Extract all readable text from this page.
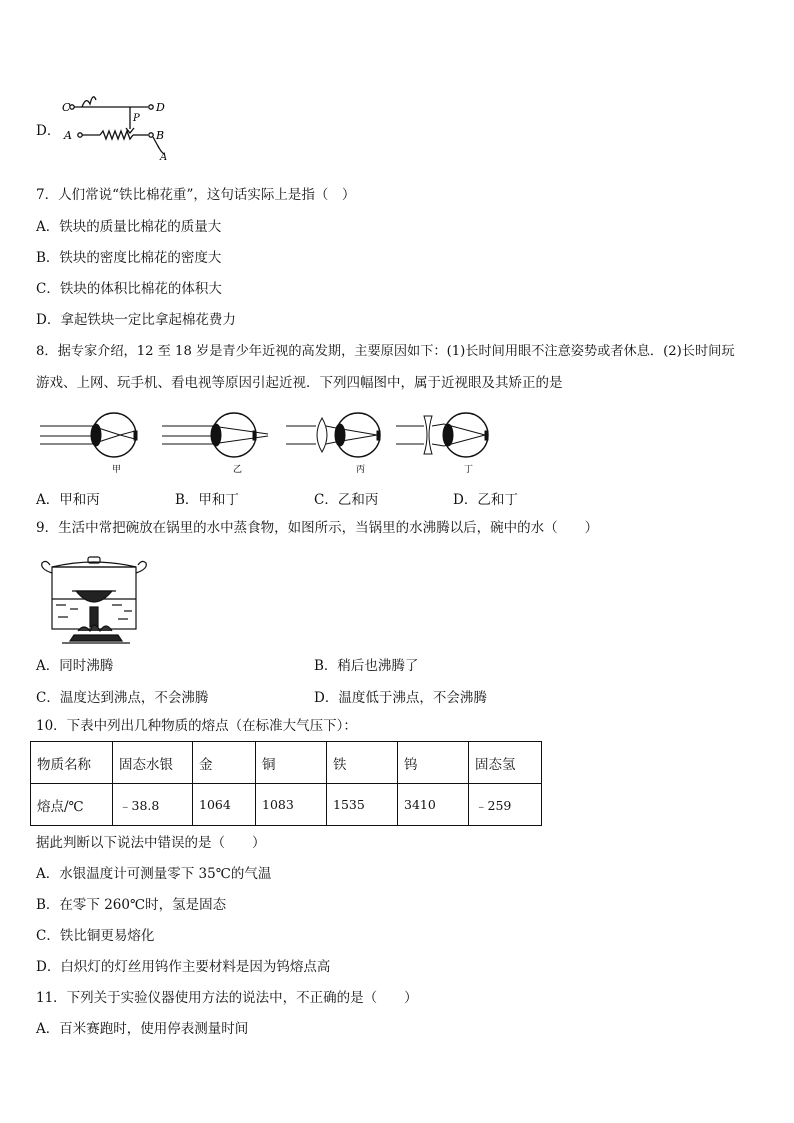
D．
C	D
A	B
P
A
7．人们常说“铁比棉花重”，这句话实际上是指（　）
A．铁块的质量比棉花的质量大
B．铁块的密度比棉花的密度大
C．铁块的体积比棉花的体积大
D．拿起铁块一定比拿起棉花费力
8．据专家介绍，12 至 18 岁是青少年近视的高发期，主要原因如下：(1)长时间用眼不注意姿势或者休息．(2)长时间玩
游戏、上网、玩手机、看电视等原因引起近视．下列四幅图中，属于近视眼及其矫正的是
甲	乙	丙	丁
A．甲和丙	B．甲和丁	C．乙和丙	D．乙和丁
9．生活中常把碗放在锅里的水中蒸食物，如图所示，当锅里的水沸腾以后，碗中的水（　　）
A．同时沸腾	B．稍后也沸腾了
C．温度达到沸点，不会沸腾	D．温度低于沸点，不会沸腾
10．下表中列出几种物质的熔点（在标准大气压下）：
物质名称	固态水银	金	铜	铁	钨	固态氢
熔点/℃	﹣38.8	1064	1083	1535	3410	﹣259
据此判断以下说法中错误的是（　　）
A．水银温度计可测量零下 35℃的气温
B．在零下 260℃时，氢是固态
C．铁比铜更易熔化
D．白炽灯的灯丝用钨作主要材料是因为钨熔点高
11．下列关于实验仪器使用方法的说法中，不正确的是（　　）
A．百米赛跑时，使用停表测量时间
